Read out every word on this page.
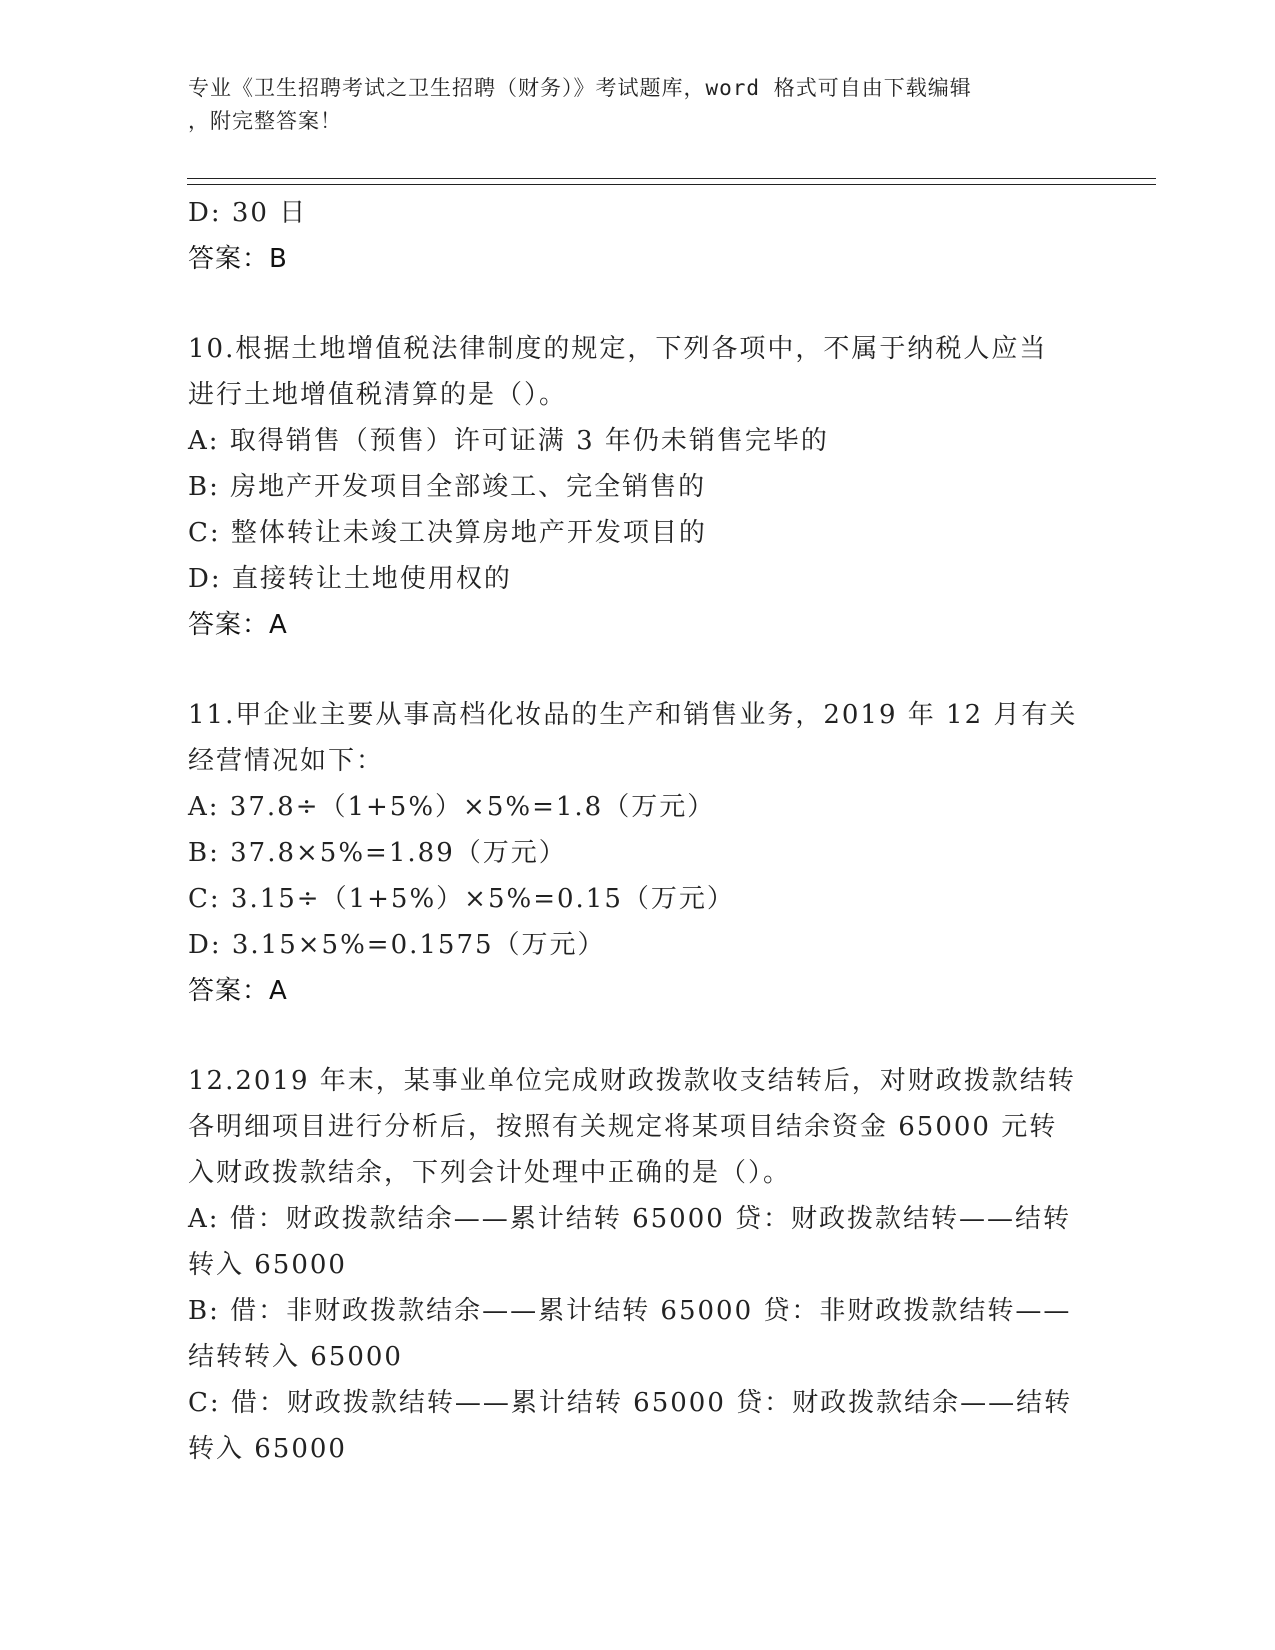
专业《卫生招聘考试之卫生招聘（财务）》考试题库，word 格式可自由下载编辑
，附完整答案！
D: 30 日
答案：B
10.根据土地增值税法律制度的规定，下列各项中，不属于纳税人应当
进行土地增值税清算的是（）。
A: 取得销售（预售）许可证满 3 年仍未销售完毕的
B: 房地产开发项目全部竣工、完全销售的
C: 整体转让未竣工决算房地产开发项目的
D: 直接转让土地使用权的
答案：A
11.甲企业主要从事高档化妆品的生产和销售业务，2019 年 12 月有关
经营情况如下：
A: 37.8÷（1+5%）×5%=1.8（万元）
B: 37.8×5%=1.89（万元）
C: 3.15÷（1+5%）×5%=0.15（万元）
D: 3.15×5%=0.1575（万元）
答案：A
12.2019 年末，某事业单位完成财政拨款收支结转后，对财政拨款结转
各明细项目进行分析后，按照有关规定将某项目结余资金 65000 元转
入财政拨款结余，下列会计处理中正确的是（）。
A: 借：财政拨款结余——累计结转 65000 贷：财政拨款结转——结转
转入 65000
B: 借：非财政拨款结余——累计结转 65000 贷：非财政拨款结转——
结转转入 65000
C: 借：财政拨款结转——累计结转 65000 贷：财政拨款结余——结转
转入 65000
